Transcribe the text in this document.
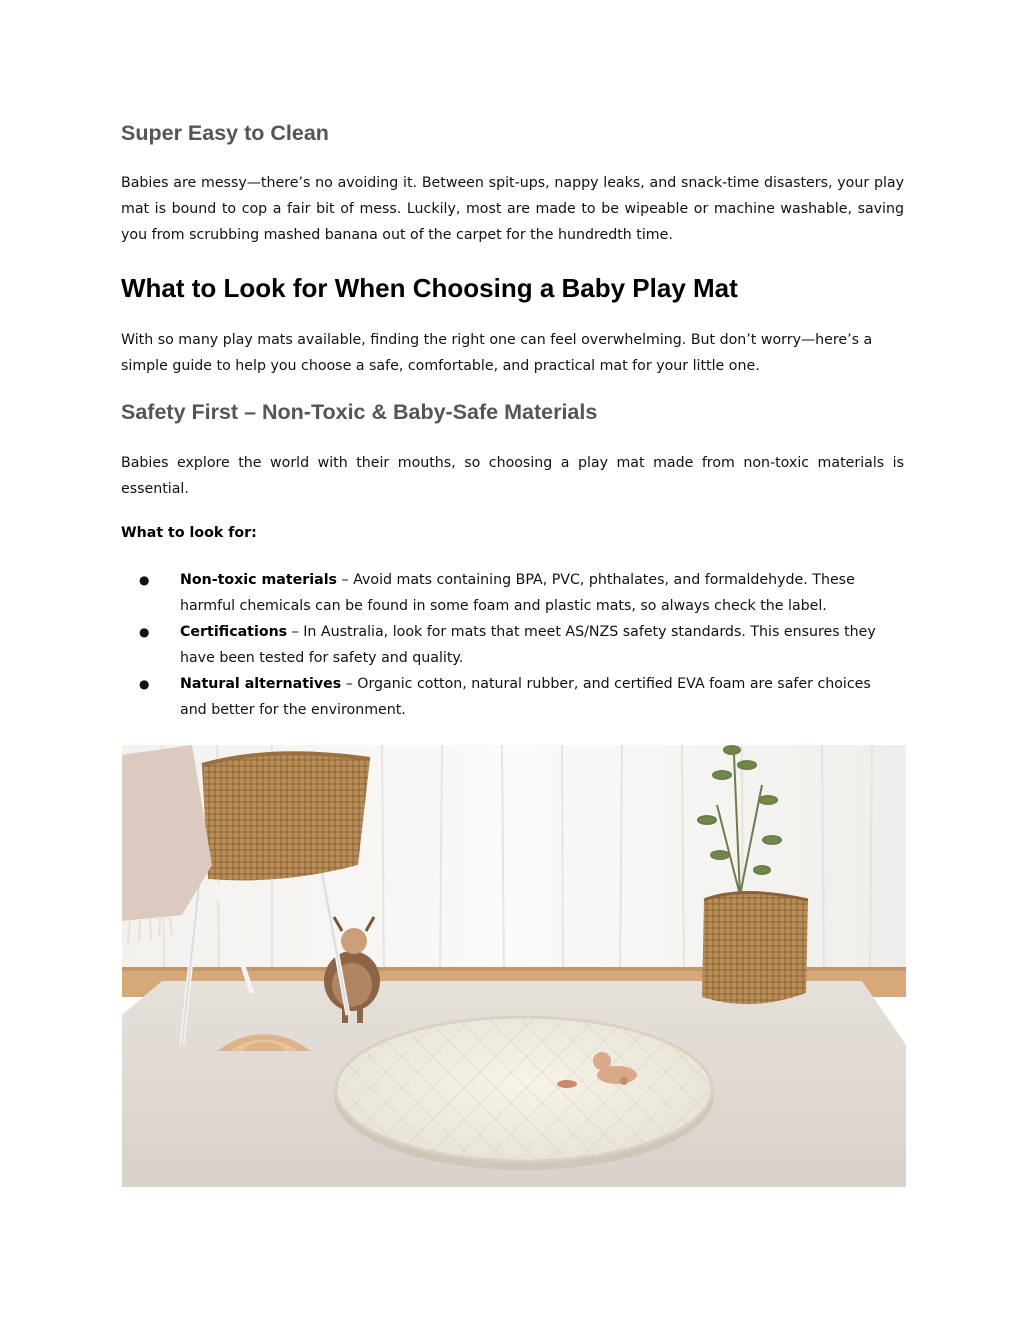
Super Easy to Clean

Babies are messy—there’s no avoiding it. Between spit-ups, nappy leaks, and snack-time disasters, your play mat is bound to cop a fair bit of mess. Luckily, most are made to be wipeable or machine washable, saving you from scrubbing mashed banana out of the carpet for the hundredth time.

What to Look for When Choosing a Baby Play Mat

With so many play mats available, finding the right one can feel overwhelming. But don’t worry—here’s a simple guide to help you choose a safe, comfortable, and practical mat for your little one.

Safety First – Non-Toxic & Baby-Safe Materials

Babies explore the world with their mouths, so choosing a play mat made from non-toxic materials is essential.

What to look for:

● Non-toxic materials – Avoid mats containing BPA, PVC, phthalates, and formaldehyde. These harmful chemicals can be found in some foam and plastic mats, so always check the label.
● Certifications – In Australia, look for mats that meet AS/NZS safety standards. This ensures they have been tested for safety and quality.
● Natural alternatives – Organic cotton, natural rubber, and certified EVA foam are safer choices and better for the environment.
